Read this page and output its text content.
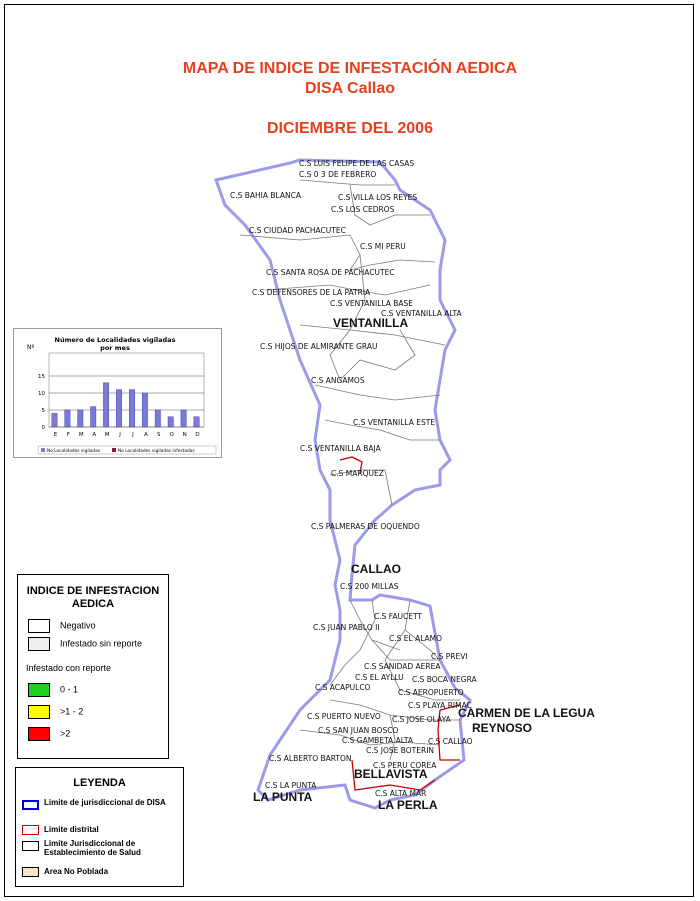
MAPA DE INDICE DE INFESTACIÓN AEDICA
DISA Callao
DICIEMBRE DEL 2006
C.S LUIS FELIPE DE LAS CASAS
C.S 0 3 DE FEBRERO
C.S BAHIA BLANCA	C.S VILLA LOS REYES
C.S LOS CEDROS
C.S CIUDAD PACHACUTEC
C.S MI PERU
C.S SANTA ROSA DE PACHACUTEC
C.S DEFENSORES DE LA PATRIA
C.S VENTANILLA BASE
C.S VENTANILLA ALTA
C.S HIJOS DE ALMIRANTE GRAU
C.S ANGAMOS
C.S VENTANILLA ESTE
C.S VENTANILLA BAJA
C.S MARQUEZ
C.S PALMERAS DE OQUENDO
C.S 200 MILLAS
C.S FAUCETT
C.S JUAN PABLO II
C.S EL ALAMO
C.S PREVI
C.S SANIDAD AEREA
C.S EL AYLLU C.S BOCA NEGRA
C.S ACAPULCO
C.S AEROPUERTO
C.S PLAYA RIMAC
C.S PUERTO NUEVO C.S JOSE OLAYA
C.S SAN JUAN BOSCO
C.S GAMBETA ALTA C.S CALLAO
C.S JOSE BOTERIN
C.S ALBERTO BARTON
C.S PERU COREA
C.S LA PUNTA
C.S ALTA MAR
VENTANILLA
CALLAO
CARMEN DE LA LEGUA
REYNOSO
BELLAVISTA
LA PUNTA
LA PERLA
Número de Localidades vigiladas por mes
Nº
E F M A M J J A S O N D
0
5
10
15
No Localidades vigiladas	No Localidades vigiladas infestadas
INDICE DE INFESTACION AEDICA
Negativo
Infestado sin reporte
Infestado con reporte
0 - 1
>1 - 2
>2
LEYENDA
Limite de jurisdiccional de DISA
Limite distrital
Limite Jurisdiccional de Establecimiento de Salud
Area No Poblada
